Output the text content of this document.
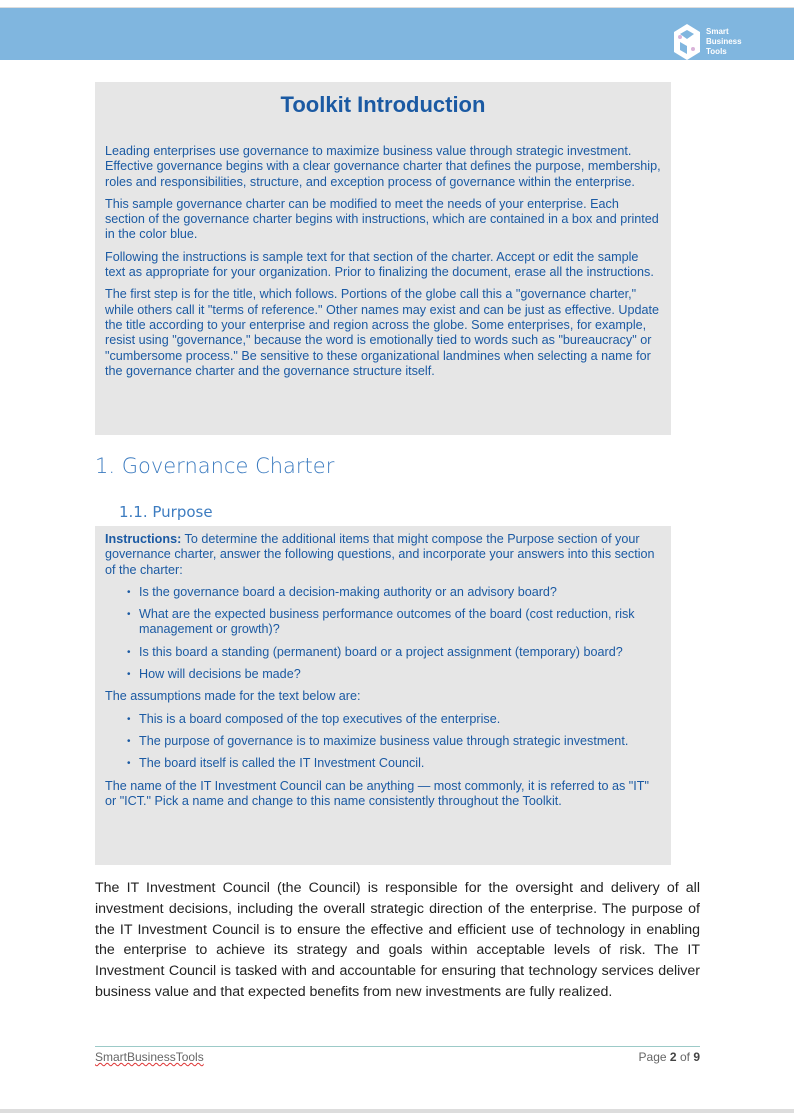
Smart
Business
Tools
Toolkit Introduction

Leading enterprises use governance to maximize business value through strategic investment. Effective governance begins with a clear governance charter that defines the purpose, membership, roles and responsibilities, structure, and exception process of governance within the enterprise.

This sample governance charter can be modified to meet the needs of your enterprise. Each section of the governance charter begins with instructions, which are contained in a box and printed in the color blue.

Following the instructions is sample text for that section of the charter. Accept or edit the sample text as appropriate for your organization. Prior to finalizing the document, erase all the instructions.

The first step is for the title, which follows. Portions of the globe call this a "governance charter," while others call it "terms of reference." Other names may exist and can be just as effective. Update the title according to your enterprise and region across the globe. Some enterprises, for example, resist using "governance," because the word is emotionally tied to words such as "bureaucracy" or "cumbersome process." Be sensitive to these organizational landmines when selecting a name for the governance charter and the governance structure itself.

1. Governance Charter
1.1. Purpose

Instructions: To determine the additional items that might compose the Purpose section of your governance charter, answer the following questions, and incorporate your answers into this section of the charter:

• Is the governance board a decision-making authority or an advisory board?
• What are the expected business performance outcomes of the board (cost reduction, risk management or growth)?
• Is this board a standing (permanent) board or a project assignment (temporary) board?
• How will decisions be made?

The assumptions made for the text below are:

• This is a board composed of the top executives of the enterprise.
• The purpose of governance is to maximize business value through strategic investment.
• The board itself is called the IT Investment Council.

The name of the IT Investment Council can be anything — most commonly, it is referred to as "IT" or "ICT." Pick a name and change to this name consistently throughout the Toolkit.

The IT Investment Council (the Council) is responsible for the oversight and delivery of all investment decisions, including the overall strategic direction of the enterprise. The purpose of the IT Investment Council is to ensure the effective and efficient use of technology in enabling the enterprise to achieve its strategy and goals within acceptable levels of risk. The IT Investment Council is tasked with and accountable for ensuring that technology services deliver business value and that expected benefits from new investments are fully realized.
SmartBusinessTools	Page 2 of 9
